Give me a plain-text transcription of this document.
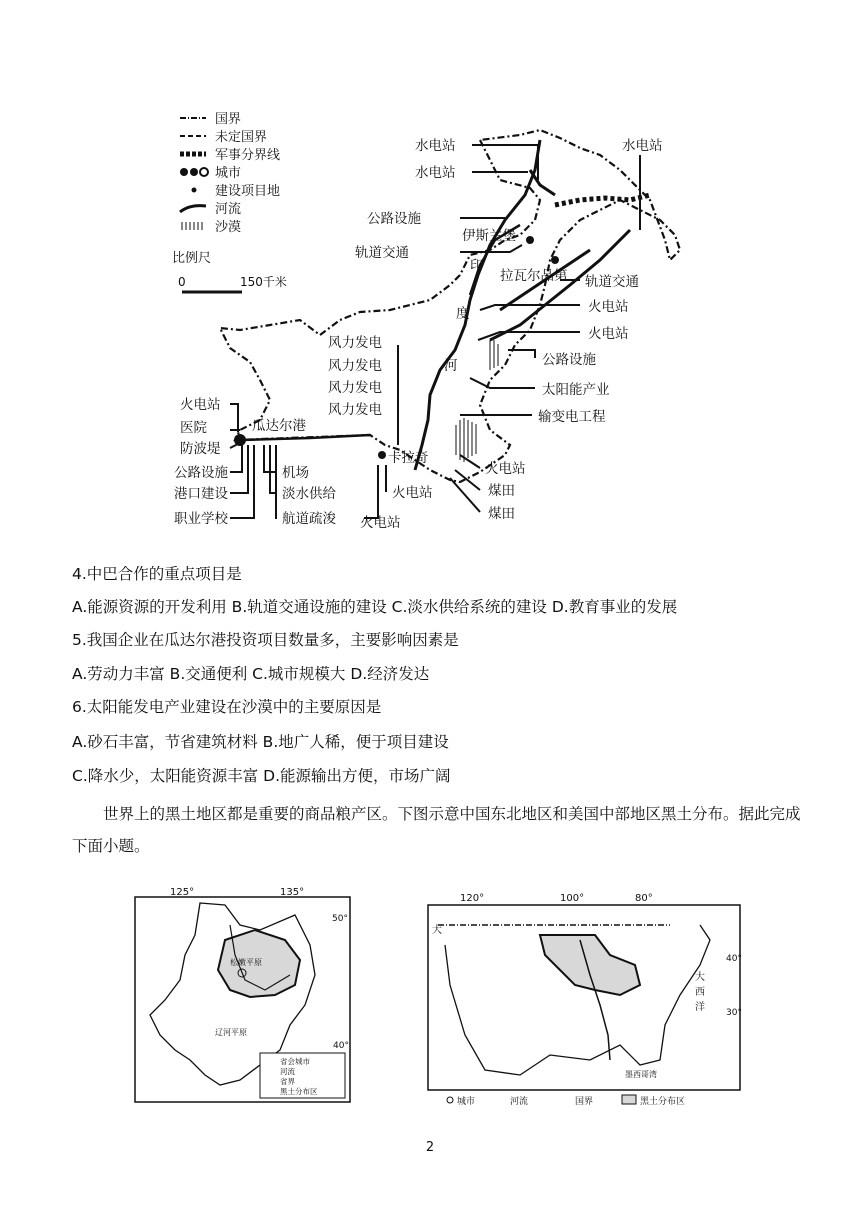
国界
未定国界
军事分界线
城市
建设项目地
河流
沙漠
比例尺
0	150千米
伊斯兰堡
拉瓦尔品第
瓜达尔港
卡拉奇
印
度
河
水电站
水电站
水电站
公路设施
轨道交通
轨道交通
火电站
火电站
公路设施
太阳能产业
输变电工程
风力发电
风力发电
风力发电
风力发电
火电站
煤田
煤田
火电站
火电站
火电站
医院
防波堤
公路设施
港口建设
职业学校
机场
淡水供给
航道疏浚
4.中巴合作的重点项目是
A.能源资源的开发利用 B.轨道交通设施的建设 C.淡水供给系统的建设 D.教育事业的发展
5.我国企业在瓜达尔港投资项目数量多，主要影响因素是
A.劳动力丰富 B.交通便利 C.城市规模大 D.经济发达
6.太阳能发电产业建设在沙漠中的主要原因是
A.砂石丰富，节省建筑材料 B.地广人稀，便于项目建设
C.降水少，太阳能资源丰富 D.能源输出方便，市场广阔
世界上的黑土地区都是重要的商品粮产区。下图示意中国东北地区和美国中部地区黑土分布。据此完成下面小题。
125°	135°
50°
40°
松嫩平原
辽河平原
省会城市
河流
省界
黑土分布区
120°	100°	80°
40°
30°
大
大
西
洋
墨西哥湾
城市	河流	国界	黑土分布区
2
